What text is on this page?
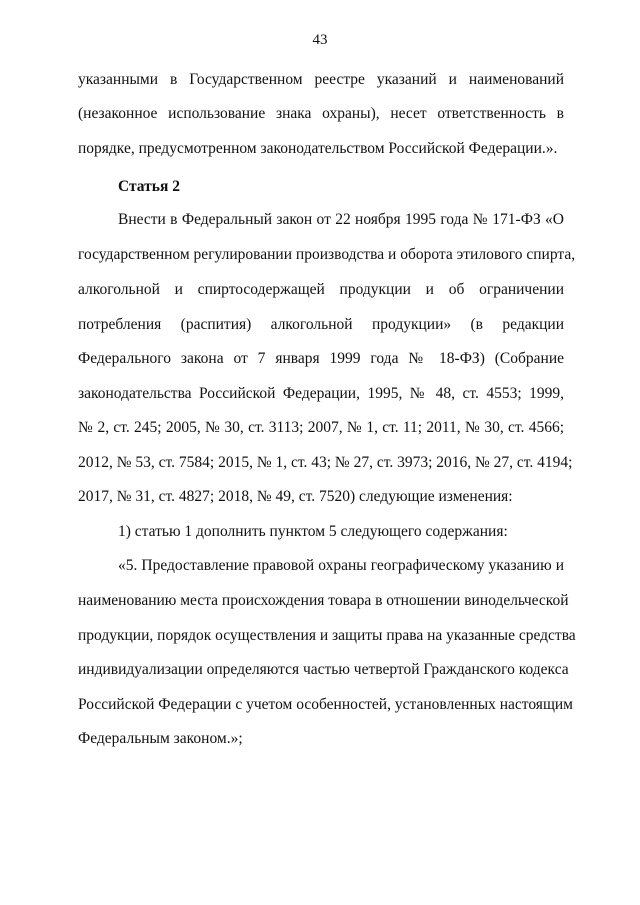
43
указанными в Государственном реестре указаний и наименований
(незаконное использование знака охраны), несет ответственность в
порядке, предусмотренном законодательством Российской Федерации.».
Статья 2
Внести в Федеральный закон от 22 ноября 1995 года № 171-ФЗ «О
государственном регулировании производства и оборота этилового спирта,
алкогольной и спиртосодержащей продукции и об ограничении
потребления (распития) алкогольной продукции» (в редакции
Федерального закона от 7 января 1999 года № 18-ФЗ) (Собрание
законодательства Российской Федерации, 1995, № 48, ст. 4553; 1999,
№ 2, ст. 245; 2005, № 30, ст. 3113; 2007, № 1, ст. 11; 2011, № 30, ст. 4566;
2012, № 53, ст. 7584; 2015, № 1, ст. 43; № 27, ст. 3973; 2016, № 27, ст. 4194;
2017, № 31, ст. 4827; 2018, № 49, ст. 7520) следующие изменения:
1) статью 1 дополнить пунктом 5 следующего содержания:
«5. Предоставление правовой охраны географическому указанию и
наименованию места происхождения товара в отношении винодельческой
продукции, порядок осуществления и защиты права на указанные средства
индивидуализации определяются частью четвертой Гражданского кодекса
Российской Федерации с учетом особенностей, установленных настоящим
Федеральным законом.»;
